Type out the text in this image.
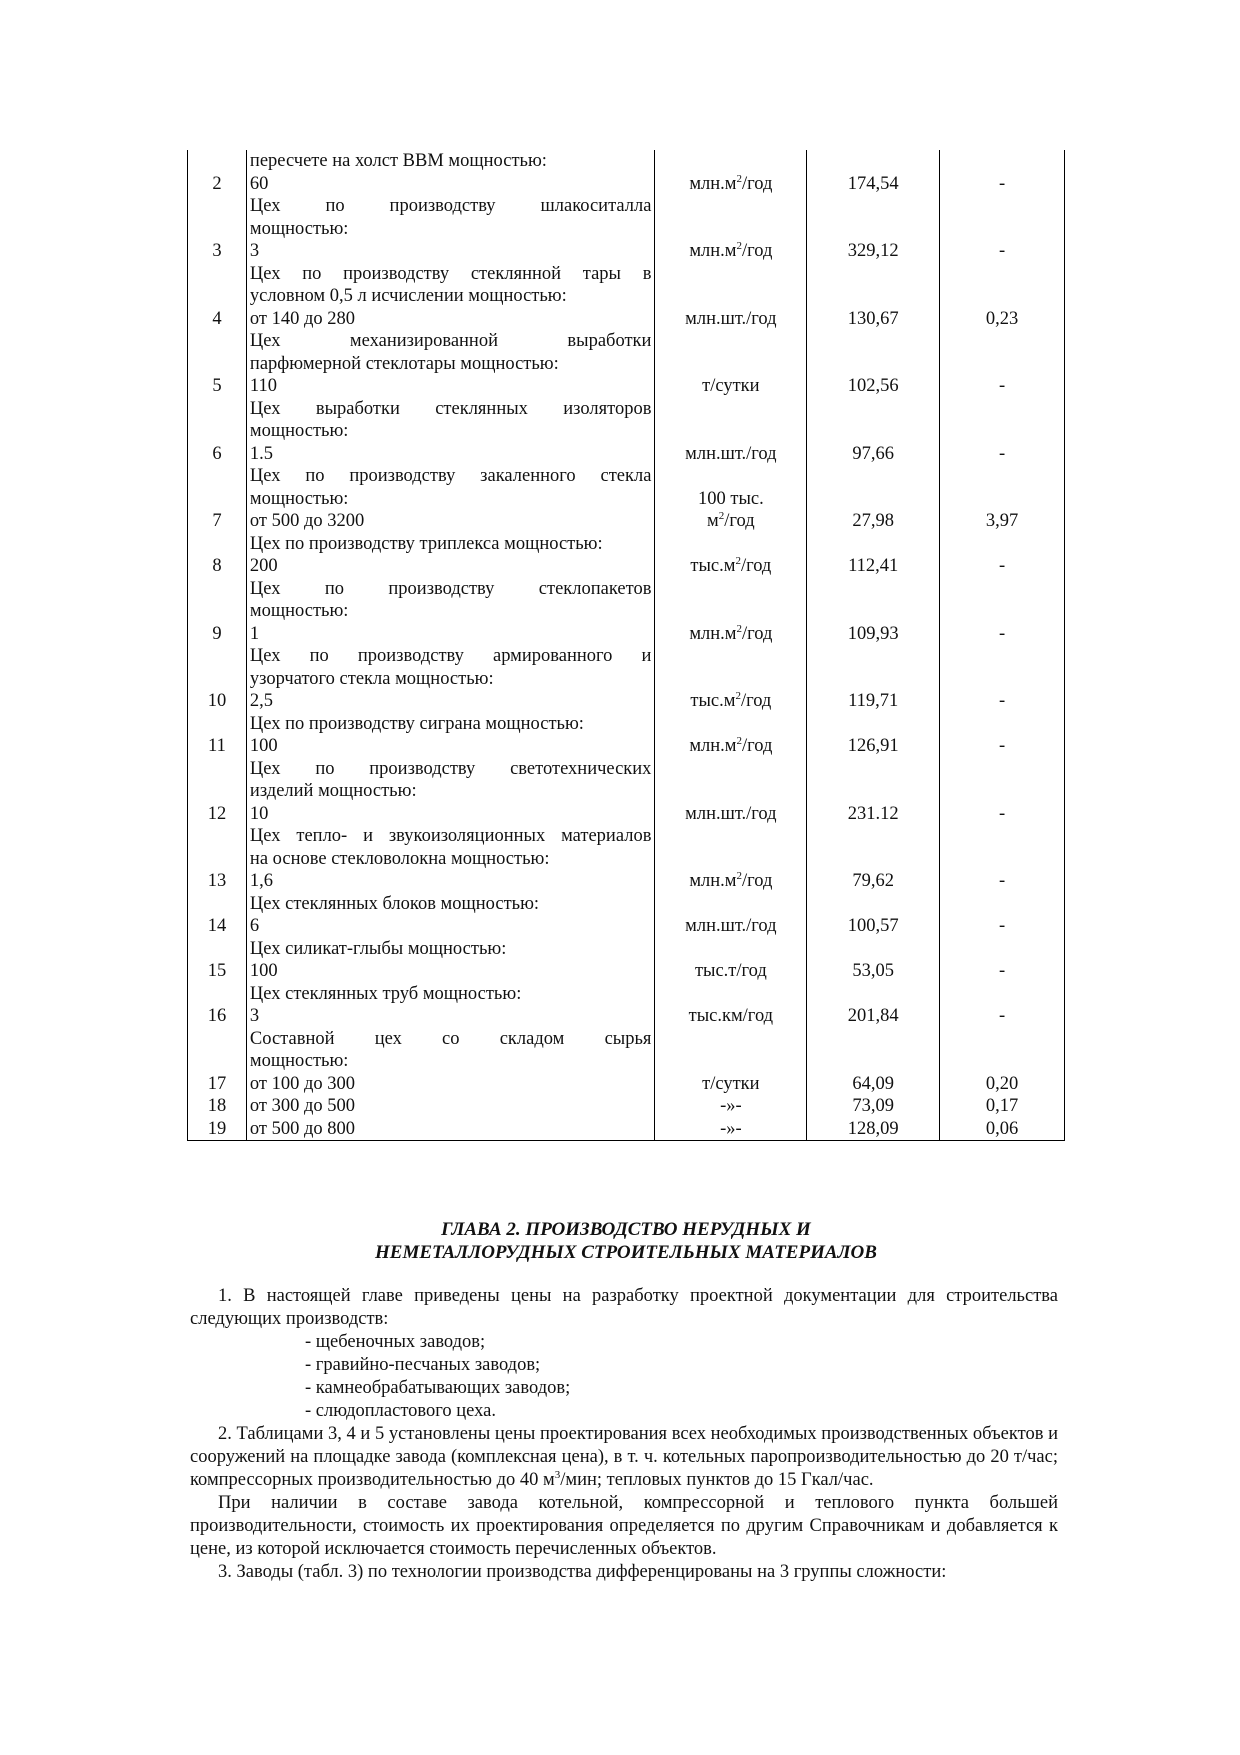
	пересчете на холст ВВМ мощностью:			

2	60	$млн.м^2$/год	174,54	-
	Цех по производству шлакоситалла			

	мощностью:			

3	3	$млн.м^2$/год	329,12	-
	Цех по производству стеклянной тары в			

	условном 0,5 л исчислении мощностью:			

4	от 140 до 280	млн.шт./год	130,67	0,23
	Цех механизированной выработки			

	парфюмерной стеклотары мощностью:			

5	110	т/сутки	102,56	-
	Цех выработки стеклянных изоляторов			

	мощностью:			

6	1.5	млн.шт./год	97,66	-
	Цех по производству закаленного стекла			

	мощностью:	100 тыс.		
7	от 500 до 3200	$м^2$/год	27,98	3,97

	Цех по производству триплекса мощностью:			

8	200	$тыс.м^2$/год	112,41	-
	Цех по производству стеклопакетов			

	мощностью:			

9	1	$млн.м^2$/год	109,93	-
	Цех по производству армированного и			

	узорчатого стекла мощностью:			

10	2,5	$тыс.м^2$/год	119,71	-

	Цех по производству сиграна мощностью:			

11	100	$млн.м^2$/год	126,91	-
	Цех по производству светотехнических			

	изделий мощностью:			

12	10	млн.шт./год	231.12	-
	Цех тепло- и звукоизоляционных материалов			

	на основе стекловолокна мощностью:			

13	1,6	$млн.м^2$/год	79,62	-

	Цех стеклянных блоков мощностью:			

14	6	млн.шт./год	100,57	-

	Цех силикат-глыбы мощностью:			

15	100	тыс.т/год	53,05	-

	Цех стеклянных труб мощностью:			

16	3	тыс.км/год	201,84	-
	Составной цех со складом сырья			

	мощностью:			

17	от 100 до 300	т/сутки	64,09	0,20
18	от 300 до 500	-»-	73,09	0,17
19	от 500 до 800	-»-	128,09	0,06
ГЛАВА 2. ПРОИЗВОДСТВО НЕРУДНЫХ И
НЕМЕТАЛЛОРУДНЫХ СТРОИТЕЛЬНЫХ МАТЕРИАЛОВ

1. В настоящей главе приведены цены на разработку проектной документации для строительства следующих производств:

- щебеночных заводов;
- гравийно-песчаных заводов;
- камнеобрабатывающих заводов;
- слюдопластового цеха.

2. Таблицами 3, 4 и 5 установлены цены проектирования всех необходимых производственных объектов и сооружений на площадке завода (комплексная цена), в т. ч. котельных паропроизводительностью до 20 т/час; компрессорных производительностью до 40 $м^3$/мин; тепловых пунктов до 15 Гкал/час.

При наличии в составе завода котельной, компрессорной и теплового пункта большей производительности, стоимость их проектирования определяется по другим Справочникам и добавляется к цене, из которой исключается стоимость перечисленных объектов.

3. Заводы (табл. 3) по технологии производства дифференцированы на 3 группы сложности:
